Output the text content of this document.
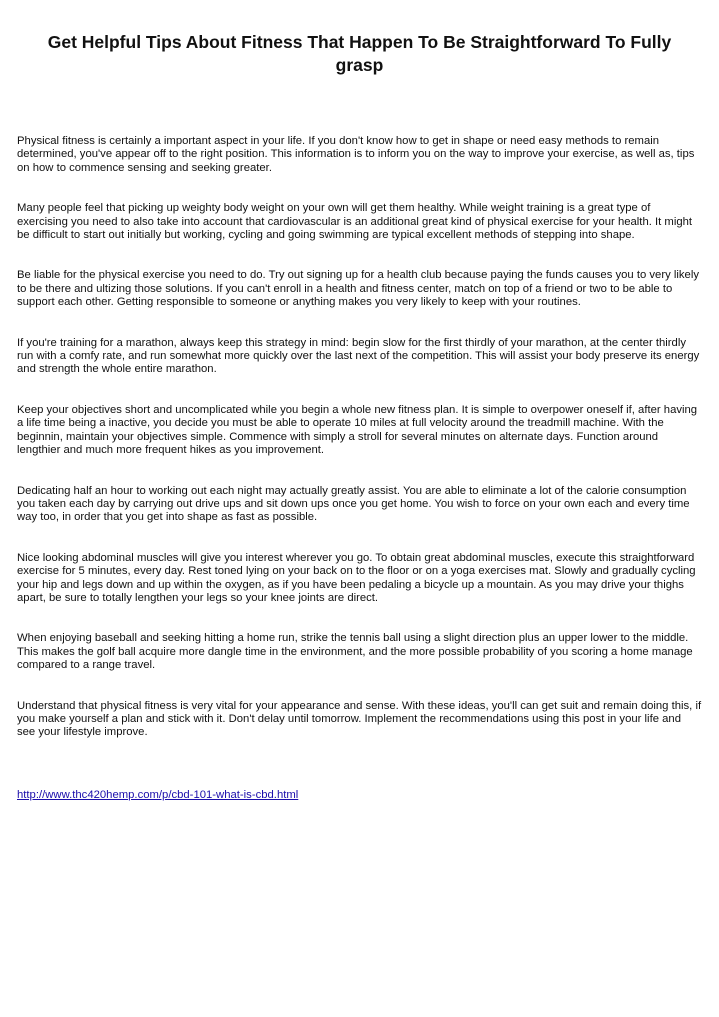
Get Helpful Tips About Fitness That Happen To Be Straightforward To Fully grasp

Physical fitness is certainly a important aspect in your life. If you don't know how to get in shape or need easy methods to remain determined, you've appear off to the right position. This information is to inform you on the way to improve your exercise, as well as, tips on how to commence sensing and seeking greater.

Many people feel that picking up weighty body weight on your own will get them healthy. While weight training is a great type of exercising you need to also take into account that cardiovascular is an additional great kind of physical exercise for your health. It might be difficult to start out initially but working, cycling and going swimming are typical excellent methods of stepping into shape.

Be liable for the physical exercise you need to do. Try out signing up for a health club because paying the funds causes you to very likely to be there and ultizing those solutions. If you can't enroll in a health and fitness center, match on top of a friend or two to be able to support each other. Getting responsible to someone or anything makes you very likely to keep with your routines.

If you're training for a marathon, always keep this strategy in mind: begin slow for the first thirdly of your marathon, at the center thirdly run with a comfy rate, and run somewhat more quickly over the last next of the competition. This will assist your body preserve its energy and strength the whole entire marathon.

Keep your objectives short and uncomplicated while you begin a whole new fitness plan. It is simple to overpower oneself if, after having a life time being a inactive, you decide you must be able to operate 10 miles at full velocity around the treadmill machine. With the beginnin, maintain your objectives simple. Commence with simply a stroll for several minutes on alternate days. Function around lengthier and much more frequent hikes as you improvement.

Dedicating half an hour to working out each night may actually greatly assist. You are able to eliminate a lot of the calorie consumption you taken each day by carrying out drive ups and sit down ups once you get home. You wish to force on your own each and every time way too, in order that you get into shape as fast as possible.

Nice looking abdominal muscles will give you interest wherever you go. To obtain great abdominal muscles, execute this straightforward exercise for 5 minutes, every day. Rest toned lying on your back on to the floor or on a yoga exercises mat. Slowly and gradually cycling your hip and legs down and up within the oxygen, as if you have been pedaling a bicycle up a mountain. As you may drive your thighs apart, be sure to totally lengthen your legs so your knee joints are direct.

When enjoying baseball and seeking hitting a home run, strike the tennis ball using a slight direction plus an upper lower to the middle. This makes the golf ball acquire more dangle time in the environment, and the more possible probability of you scoring a home manage compared to a range travel.

Understand that physical fitness is very vital for your appearance and sense. With these ideas, you'll can get suit and remain doing this, if you make yourself a plan and stick with it. Don't delay until tomorrow. Implement the recommendations using this post in your life and see your lifestyle improve.

http://www.thc420hemp.com/p/cbd-101-what-is-cbd.html
